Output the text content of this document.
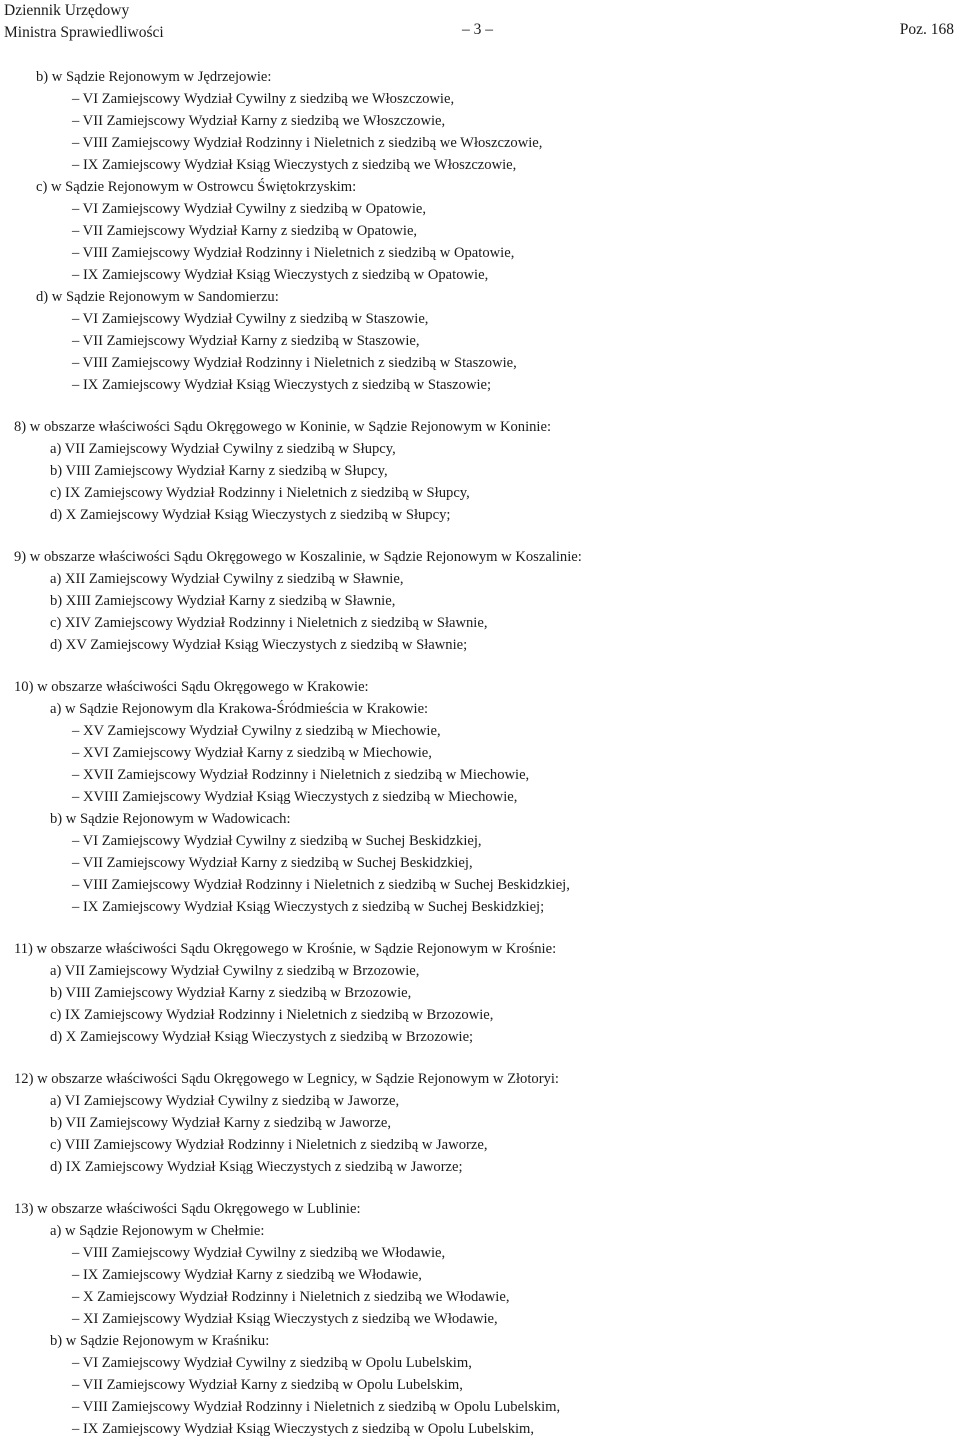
Dziennik Urzędowy
Ministra Sprawiedliwości	– 3 –	Poz. 168
b) w Sądzie Rejonowym w Jędrzejowie:
– VI Zamiejscowy Wydział Cywilny z siedzibą we Włoszczowie,
– VII Zamiejscowy Wydział Karny z siedzibą we Włoszczowie,
– VIII Zamiejscowy Wydział Rodzinny i Nieletnich z siedzibą we Włoszczowie,
– IX Zamiejscowy Wydział Ksiąg Wieczystych z siedzibą we Włoszczowie,
c) w Sądzie Rejonowym w Ostrowcu Świętokrzyskim:
– VI Zamiejscowy Wydział Cywilny z siedzibą w Opatowie,
– VII Zamiejscowy Wydział Karny z siedzibą w Opatowie,
– VIII Zamiejscowy Wydział Rodzinny i Nieletnich z siedzibą w Opatowie,
– IX Zamiejscowy Wydział Ksiąg Wieczystych z siedzibą w Opatowie,
d) w Sądzie Rejonowym w Sandomierzu:
– VI Zamiejscowy Wydział Cywilny z siedzibą w Staszowie,
– VII Zamiejscowy Wydział Karny z siedzibą w Staszowie,
– VIII Zamiejscowy Wydział Rodzinny i Nieletnich z siedzibą w Staszowie,
– IX Zamiejscowy Wydział Ksiąg Wieczystych z siedzibą w Staszowie;
8) w obszarze właściwości Sądu Okręgowego w Koninie, w Sądzie Rejonowym w Koninie:
a) VII Zamiejscowy Wydział Cywilny z siedzibą w Słupcy,
b) VIII Zamiejscowy Wydział Karny z siedzibą w Słupcy,
c) IX Zamiejscowy Wydział Rodzinny i Nieletnich z siedzibą w Słupcy,
d) X Zamiejscowy Wydział Ksiąg Wieczystych z siedzibą w Słupcy;
9) w obszarze właściwości Sądu Okręgowego w Koszalinie, w Sądzie Rejonowym w Koszalinie:
a) XII Zamiejscowy Wydział Cywilny z siedzibą w Sławnie,
b) XIII Zamiejscowy Wydział Karny z siedzibą w Sławnie,
c) XIV Zamiejscowy Wydział Rodzinny i Nieletnich z siedzibą w Sławnie,
d) XV Zamiejscowy Wydział Ksiąg Wieczystych z siedzibą w Sławnie;
10) w obszarze właściwości Sądu Okręgowego w Krakowie:
a) w Sądzie Rejonowym dla Krakowa-Śródmieścia w Krakowie:
– XV Zamiejscowy Wydział Cywilny z siedzibą w Miechowie,
– XVI Zamiejscowy Wydział Karny z siedzibą w Miechowie,
– XVII Zamiejscowy Wydział Rodzinny i Nieletnich z siedzibą w Miechowie,
– XVIII Zamiejscowy Wydział Ksiąg Wieczystych z siedzibą w Miechowie,
b) w Sądzie Rejonowym w Wadowicach:
– VI Zamiejscowy Wydział Cywilny z siedzibą w Suchej Beskidzkiej,
– VII Zamiejscowy Wydział Karny z siedzibą w Suchej Beskidzkiej,
– VIII Zamiejscowy Wydział Rodzinny i Nieletnich z siedzibą w Suchej Beskidzkiej,
– IX Zamiejscowy Wydział Ksiąg Wieczystych z siedzibą w Suchej Beskidzkiej;
11) w obszarze właściwości Sądu Okręgowego w Krośnie, w Sądzie Rejonowym w Krośnie:
a) VII Zamiejscowy Wydział Cywilny z siedzibą w Brzozowie,
b) VIII Zamiejscowy Wydział Karny z siedzibą w Brzozowie,
c) IX Zamiejscowy Wydział Rodzinny i Nieletnich z siedzibą w Brzozowie,
d) X Zamiejscowy Wydział Ksiąg Wieczystych z siedzibą w Brzozowie;
12) w obszarze właściwości Sądu Okręgowego w Legnicy, w Sądzie Rejonowym w Złotoryi:
a) VI Zamiejscowy Wydział Cywilny z siedzibą w Jaworze,
b) VII Zamiejscowy Wydział Karny z siedzibą w Jaworze,
c) VIII Zamiejscowy Wydział Rodzinny i Nieletnich z siedzibą w Jaworze,
d) IX Zamiejscowy Wydział Ksiąg Wieczystych z siedzibą w Jaworze;
13) w obszarze właściwości Sądu Okręgowego w Lublinie:
a) w Sądzie Rejonowym w Chełmie:
– VIII Zamiejscowy Wydział Cywilny z siedzibą we Włodawie,
– IX Zamiejscowy Wydział Karny z siedzibą we Włodawie,
– X Zamiejscowy Wydział Rodzinny i Nieletnich z siedzibą we Włodawie,
– XI Zamiejscowy Wydział Ksiąg Wieczystych z siedzibą we Włodawie,
b) w Sądzie Rejonowym w Kraśniku:
– VI Zamiejscowy Wydział Cywilny z siedzibą w Opolu Lubelskim,
– VII Zamiejscowy Wydział Karny z siedzibą w Opolu Lubelskim,
– VIII Zamiejscowy Wydział Rodzinny i Nieletnich z siedzibą w Opolu Lubelskim,
– IX Zamiejscowy Wydział Ksiąg Wieczystych z siedzibą w Opolu Lubelskim,
